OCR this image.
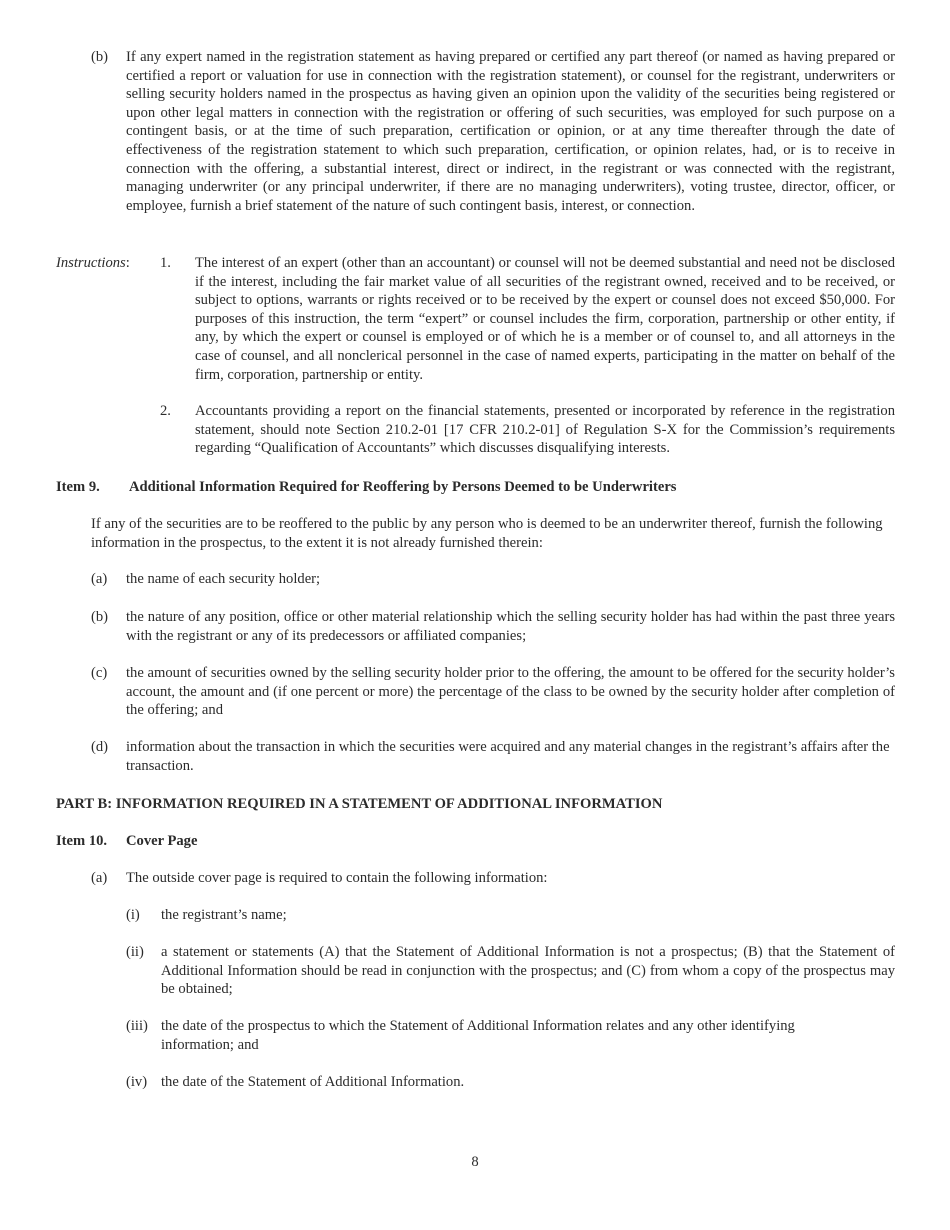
(b) If any expert named in the registration statement as having prepared or certified any part thereof (or named as having prepared or certified a report or valuation for use in connection with the registration statement), or counsel for the registrant, underwriters or selling security holders named in the prospectus as having given an opinion upon the validity of the securities being registered or upon other legal matters in connection with the registration or offering of such securities, was employed for such purpose on a contingent basis, or at the time of such preparation, certification or opinion, or at any time thereafter through the date of effectiveness of the registration statement to which such preparation, certification, or opinion relates, had, or is to receive in connection with the offering, a substantial interest, direct or indirect, in the registrant or was connected with the registrant, managing underwriter (or any principal underwriter, if there are no managing underwriters), voting trustee, director, officer, or employee, furnish a brief statement of the nature of such contingent basis, interest, or connection.
Instructions: 1. The interest of an expert (other than an accountant) or counsel will not be deemed substantial and need not be disclosed if the interest, including the fair market value of all securities of the registrant owned, received and to be received, or subject to options, warrants or rights received or to be received by the expert or counsel does not exceed $50,000. For purposes of this instruction, the term “expert” or counsel includes the firm, corporation, partnership or other entity, if any, by which the expert or counsel is employed or of which he is a member or of counsel to, and all attorneys in the case of counsel, and all nonclerical personnel in the case of named experts, participating in the matter on behalf of the firm, corporation, partnership or entity.
2. Accountants providing a report on the financial statements, presented or incorporated by reference in the registration statement, should note Section 210.2-01 [17 CFR 210.2-01] of Regulation S-X for the Commission’s requirements regarding “Qualification of Accountants” which discusses disqualifying interests.
Item 9. Additional Information Required for Reoffering by Persons Deemed to be Underwriters
If any of the securities are to be reoffered to the public by any person who is deemed to be an underwriter thereof, furnish the following information in the prospectus, to the extent it is not already furnished therein:
(a) the name of each security holder;
(b) the nature of any position, office or other material relationship which the selling security holder has had within the past three years with the registrant or any of its predecessors or affiliated companies;
(c) the amount of securities owned by the selling security holder prior to the offering, the amount to be offered for the security holder’s account, the amount and (if one percent or more) the percentage of the class to be owned by the security holder after completion of the offering; and
(d) information about the transaction in which the securities were acquired and any material changes in the registrant’s affairs after the transaction.
PART B: INFORMATION REQUIRED IN A STATEMENT OF ADDITIONAL INFORMATION
Item 10. Cover Page
(a) The outside cover page is required to contain the following information:
(i) the registrant’s name;
(ii) a statement or statements (A) that the Statement of Additional Information is not a prospectus; (B) that the Statement of Additional Information should be read in conjunction with the prospectus; and (C) from whom a copy of the prospectus may be obtained;
(iii) the date of the prospectus to which the Statement of Additional Information relates and any other identifying information; and
(iv) the date of the Statement of Additional Information.
8
